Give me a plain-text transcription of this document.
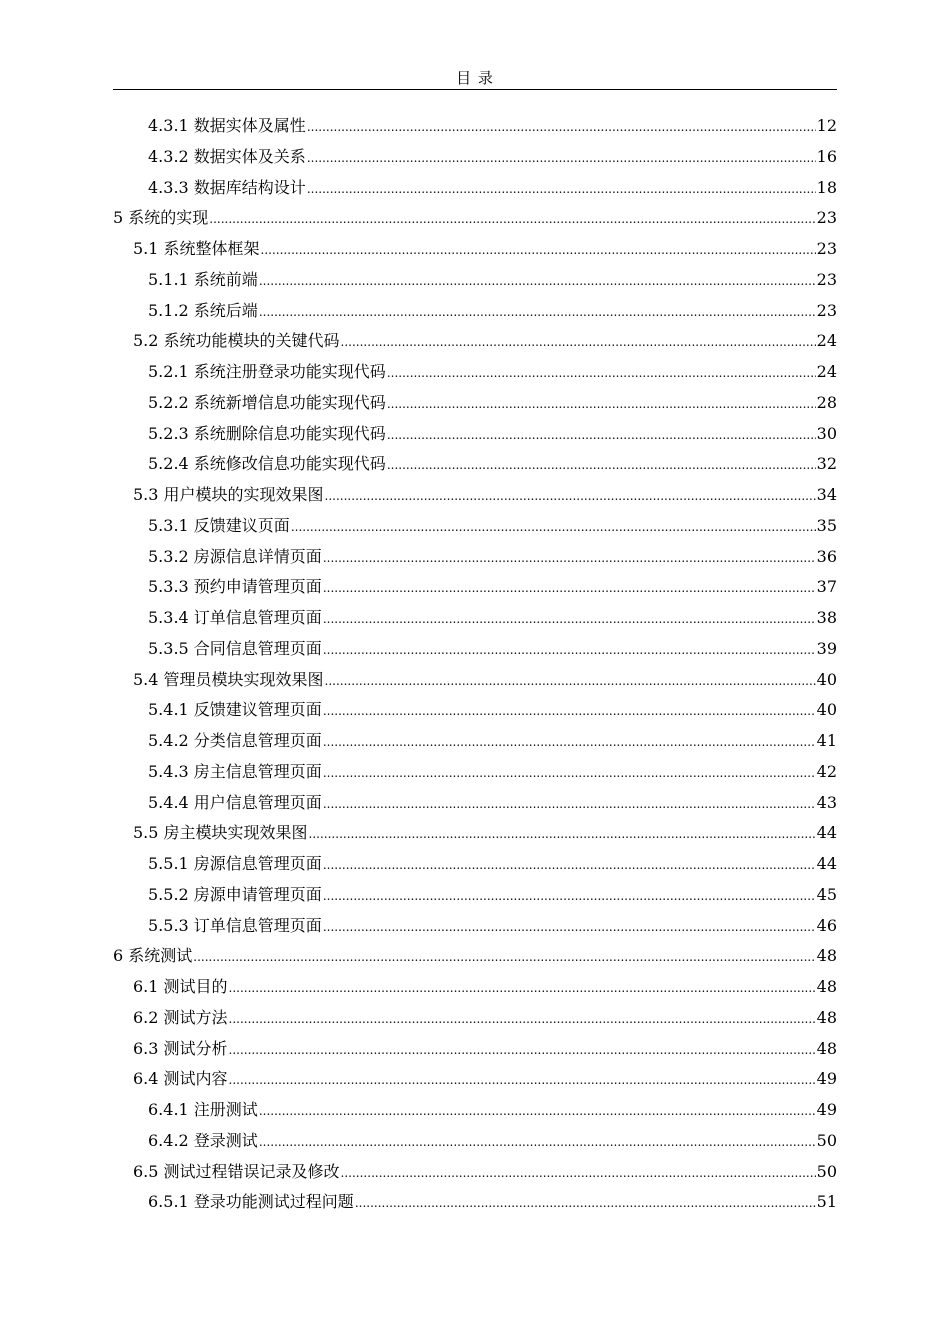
目 录
4.3.1 数据实体及属性 .....	12
4.3.2 数据实体及关系 .....	16
4.3.3 数据库结构设计 .....	18
5 系统的实现 .....	23
5.1 系统整体框架 .....	23
5.1.1 系统前端 .....	23
5.1.2 系统后端 .....	23
5.2 系统功能模块的关键代码 .....	24
5.2.1 系统注册登录功能实现代码 .....	24
5.2.2 系统新增信息功能实现代码 .....	28
5.2.3 系统删除信息功能实现代码 .....	30
5.2.4 系统修改信息功能实现代码 .....	32
5.3 用户模块的实现效果图 .....	34
5.3.1 反馈建议页面 .....	35
5.3.2 房源信息详情页面 .....	36
5.3.3 预约申请管理页面 .....	37
5.3.4 订单信息管理页面 .....	38
5.3.5 合同信息管理页面 .....	39
5.4 管理员模块实现效果图 .....	40
5.4.1 反馈建议管理页面 .....	40
5.4.2 分类信息管理页面 .....	41
5.4.3 房主信息管理页面 .....	42
5.4.4 用户信息管理页面 .....	43
5.5 房主模块实现效果图 .....	44
5.5.1 房源信息管理页面 .....	44
5.5.2 房源申请管理页面 .....	45
5.5.3 订单信息管理页面 .....	46
6 系统测试 .....	48
6.1 测试目的 .....	48
6.2 测试方法 .....	48
6.3 测试分析 .....	48
6.4 测试内容 .....	49
6.4.1 注册测试 .....	49
6.4.2 登录测试 .....	50
6.5 测试过程错误记录及修改 .....	50
6.5.1 登录功能测试过程问题 .....	51
